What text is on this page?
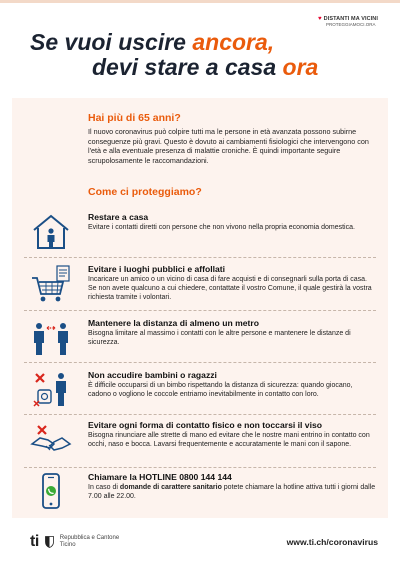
♥ DISTANTI MA VICINI
PROTEGGIAMOCI.ORA
Se vuoi uscire ancora,
devi stare a casa ora
Hai più di 65 anni?
Il nuovo coronavirus può colpire tutti ma le persone in età avanzata possono subirne conseguenze più gravi. Questo è dovuto ai cambiamenti fisiologici che intervengono con l'età e alla eventuale presenza di malattie croniche. È quindi importante seguire scrupolosamente le raccomandazioni.
Come ci proteggiamo?
Restare a casa
Evitare i contatti diretti con persone che non vivono nella propria economia domestica.
Evitare i luoghi pubblici e affollati
Incaricare un amico o un vicino di casa di fare acquisti e di consegnarli sulla porta di casa. Se non avete qualcuno a cui chiedere, contattate il vostro Comune, il quale gestirà la vostra richiesta tramite i volontari.
Mantenere la distanza di almeno un metro
Bisogna limitare al massimo i contatti con le altre persone e mantenere le distanze di sicurezza.
Non accudire bambini o ragazzi
È difficile occuparsi di un bimbo rispettando la distanza di sicurezza: quando giocano, cadono o vogliono le coccole entriamo inevitabilmente in contatto con loro.
Evitare ogni forma di contatto fisico e non toccarsi il viso
Bisogna rinunciare alle strette di mano ed evitare che le nostre mani entrino in contatto con occhi, naso e bocca. Lavarsi frequentemente e accuratamente le mani con il sapone.
Chiamare la HOTLINE 0800 144 144
In caso di domande di carattere sanitario potete chiamare la hotline attiva tutti i giorni dalle 7.00 alle 22.00.
ti	Repubblica e Cantone
Ticino	www.ti.ch/coronavirus
